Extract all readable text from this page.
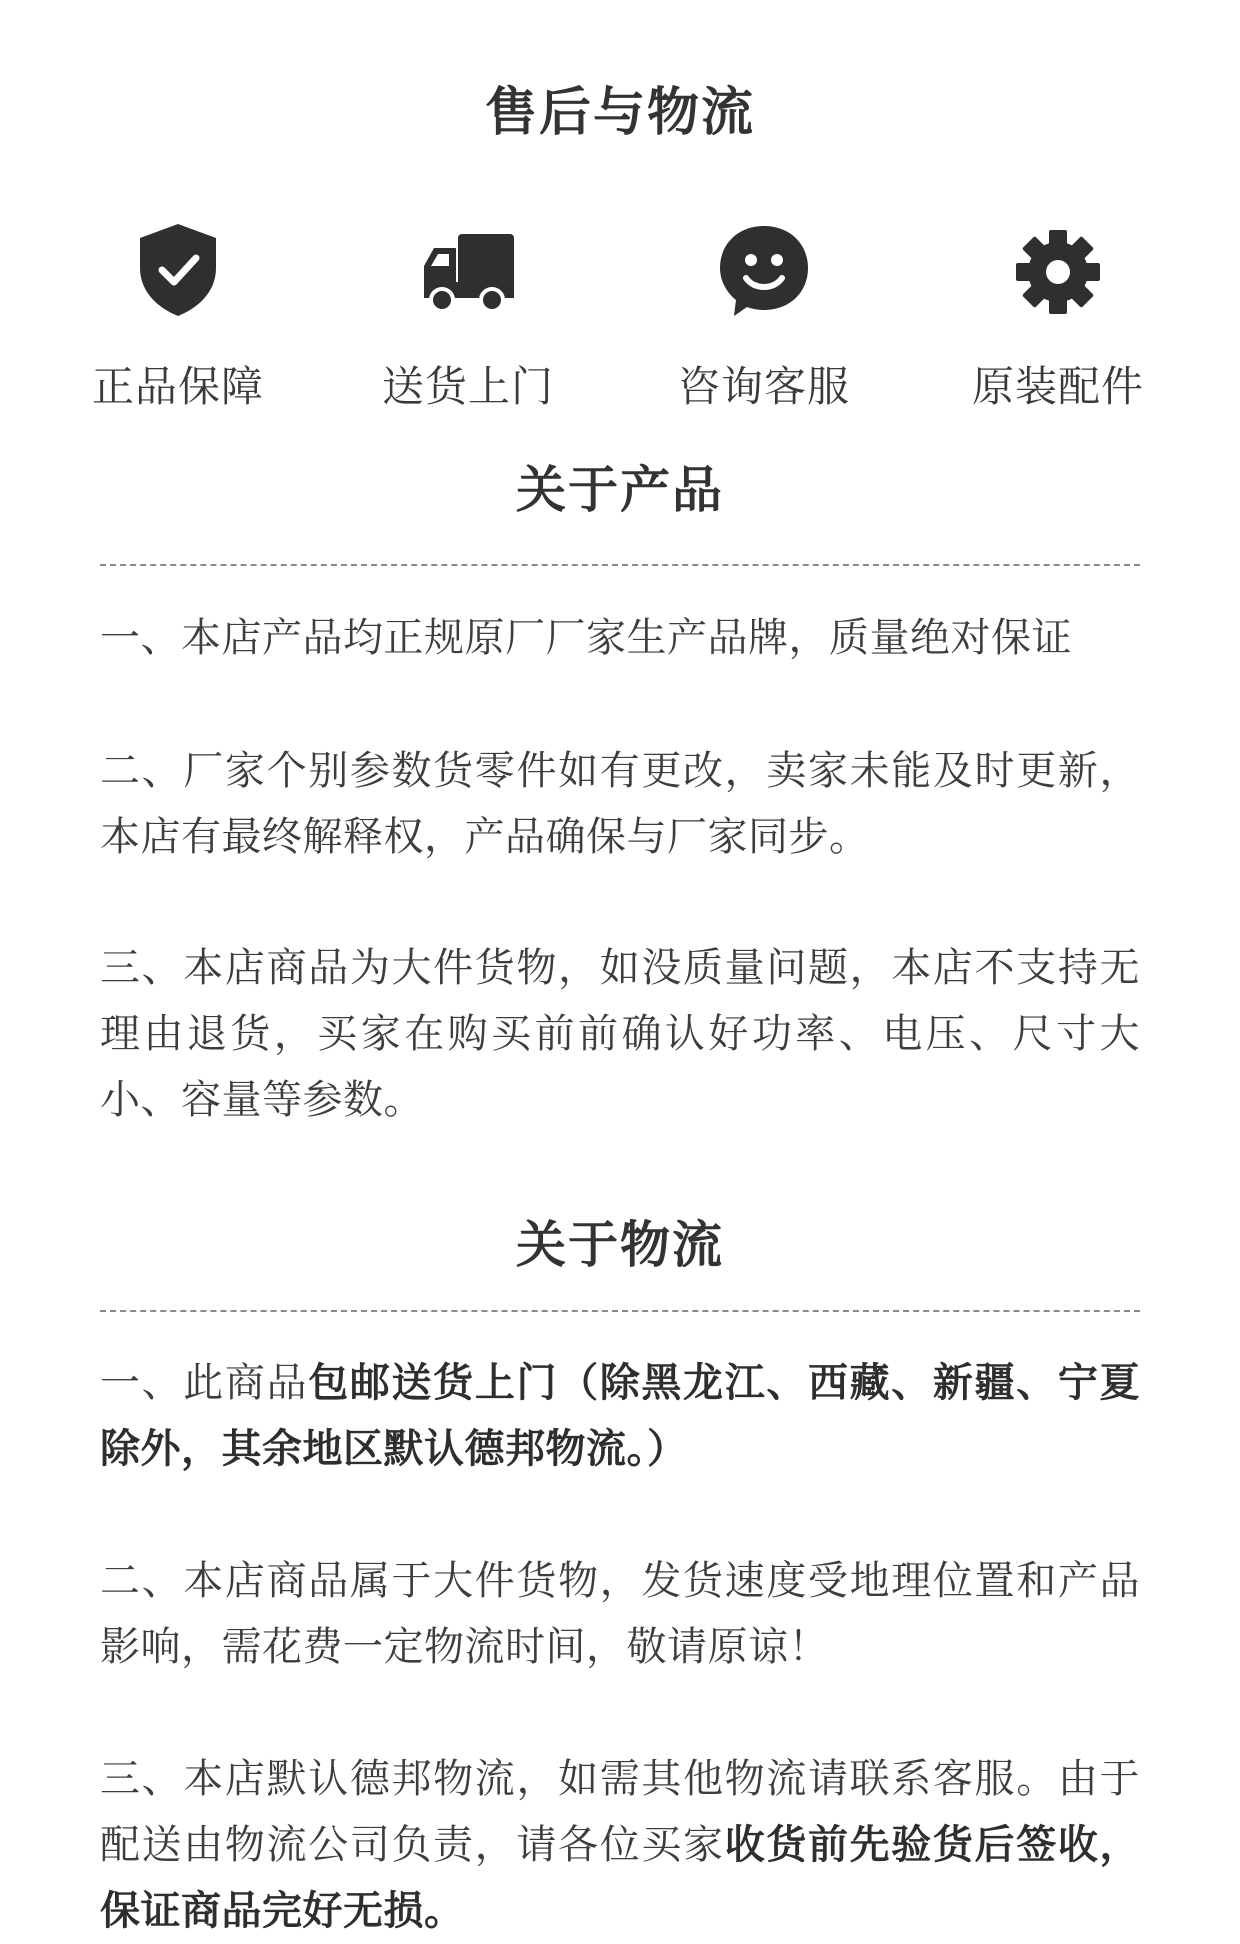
售后与物流
正品保障	送货上门	咨询客服	原装配件
关于产品
一、本店产品均正规原厂厂家生产品牌，质量绝对保证
二、厂家个别参数货零件如有更改，卖家未能及时更新，本店有最终解释权，产品确保与厂家同步。
三、本店商品为大件货物，如没质量问题，本店不支持无理由退货，买家在购买前前确认好功率、电压、尺寸大小、容量等参数。
关于物流
一、此商品包邮送货上门（除黑龙江、西藏、新疆、宁夏除外，其余地区默认德邦物流。）
二、本店商品属于大件货物，发货速度受地理位置和产品影响，需花费一定物流时间，敬请原谅！
三、本店默认德邦物流，如需其他物流请联系客服。由于配送由物流公司负责，请各位买家收货前先验货后签收，保证商品完好无损。
